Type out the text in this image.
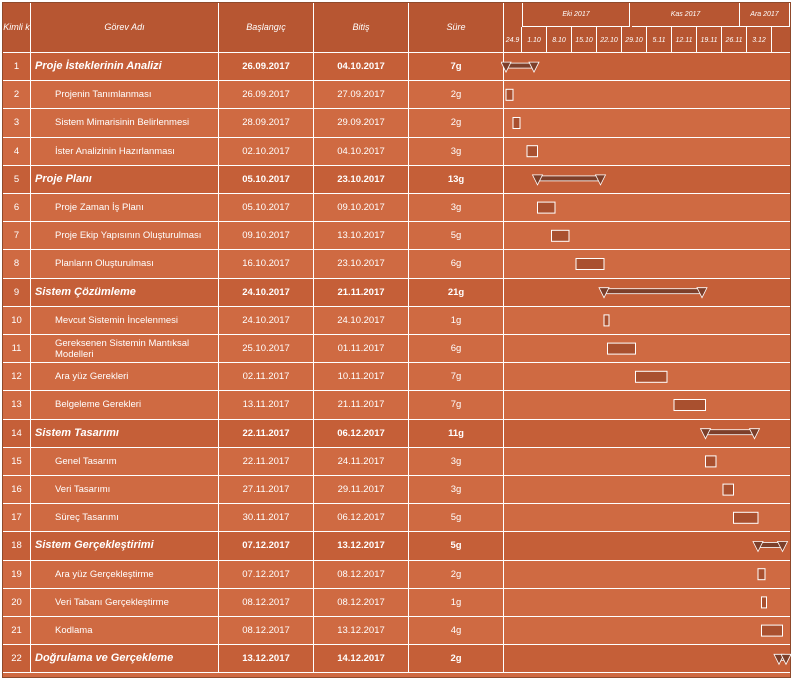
Kimli k	Görev Adı	Başlangıç	Bitiş	Süre
1	Proje İsteklerinin Analizi	26.09.2017	04.10.2017	7g
2	Projenin Tanımlanması	26.09.2017	27.09.2017	2g
3	Sistem Mimarisinin Belirlenmesi	28.09.2017	29.09.2017	2g
4	İster Analizinin Hazırlanması	02.10.2017	04.10.2017	3g
5	Proje Planı	05.10.2017	23.10.2017	13g
6	Proje Zaman İş Planı	05.10.2017	09.10.2017	3g
7	Proje Ekip Yapısının Oluşturulması	09.10.2017	13.10.2017	5g
8	Planların Oluşturulması	16.10.2017	23.10.2017	6g
9	Sistem Çözümleme	24.10.2017	21.11.2017	21g
10	Mevcut Sistemin İncelenmesi	24.10.2017	24.10.2017	1g
11	Gereksenen Sistemin Mantıksal Modelleri	25.10.2017	01.11.2017	6g
12	Ara yüz Gerekleri	02.11.2017	10.11.2017	7g
13	Belgeleme Gerekleri	13.11.2017	21.11.2017	7g
14	Sistem Tasarımı	22.11.2017	06.12.2017	11g
15	Genel Tasarım	22.11.2017	24.11.2017	3g
16	Veri Tasarımı	27.11.2017	29.11.2017	3g
17	Süreç Tasarımı	30.11.2017	06.12.2017	5g
18	Sistem Gerçekleştirimi	07.12.2017	13.12.2017	5g
19	Ara yüz Gerçekleştirme	07.12.2017	08.12.2017	2g
20	Veri Tabanı Gerçekleştirme	08.12.2017	08.12.2017	1g
21	Kodlama	08.12.2017	13.12.2017	4g
22	Doğrulama ve Gerçekleme	13.12.2017	14.12.2017	2g
Eki 2017	Kas 2017	Ara 2017
24.9	1.10	8.10	15.10	22.10	29.10	5.11	12.11	19.11	26.11	3.12
